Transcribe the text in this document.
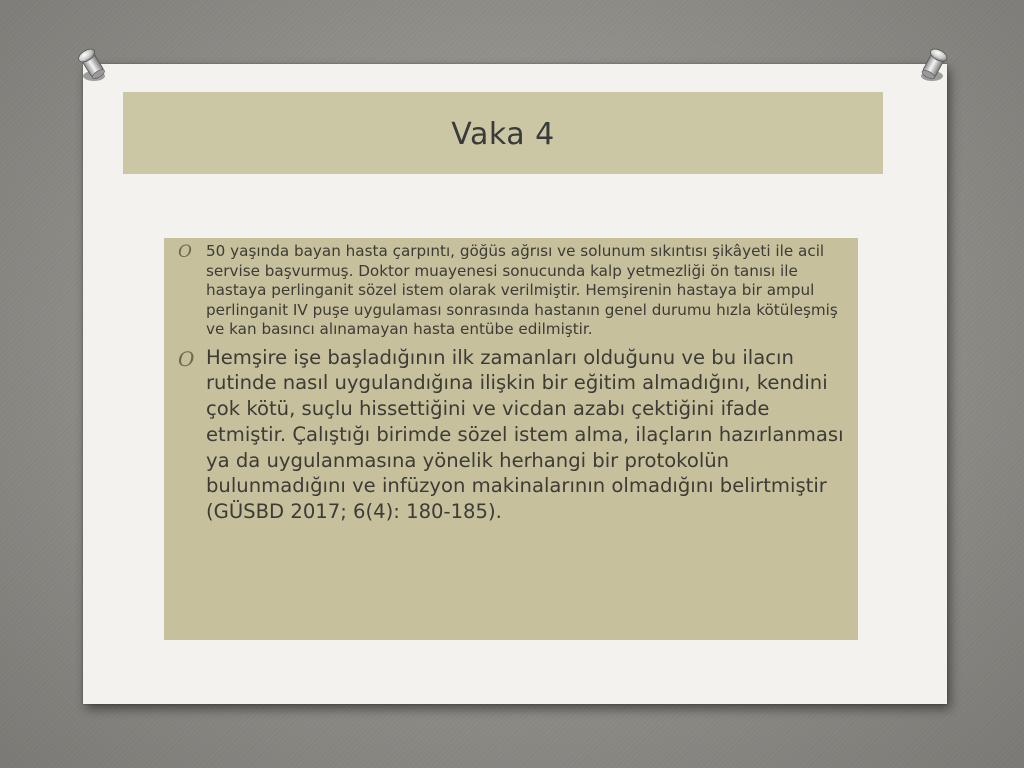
Vaka 4
O 50 yaşında bayan hasta çarpıntı, göğüs ağrısı ve solunum sıkıntısı şikâyeti ile acil servise başvurmuş. Doktor muayenesi sonucunda kalp yetmezliği ön tanısı ile hastaya perlinganit sözel istem olarak verilmiştir. Hemşirenin hastaya bir ampul perlinganit IV puşe uygulaması sonrasında hastanın genel durumu hızla kötüleşmiş ve kan basıncı alınamayan hasta entübe edilmiştir.
O Hemşire işe başladığının ilk zamanları olduğunu ve bu ilacın rutinde nasıl uygulandığına ilişkin bir eğitim almadığını, kendini çok kötü, suçlu hissettiğini ve vicdan azabı çektiğini ifade etmiştir. Çalıştığı birimde sözel istem alma, ilaçların hazırlanması ya da uygulanmasına yönelik herhangi bir protokolün bulunmadığını ve infüzyon makinalarının olmadığını belirtmiştir (GÜSBD 2017; 6(4): 180-185).
